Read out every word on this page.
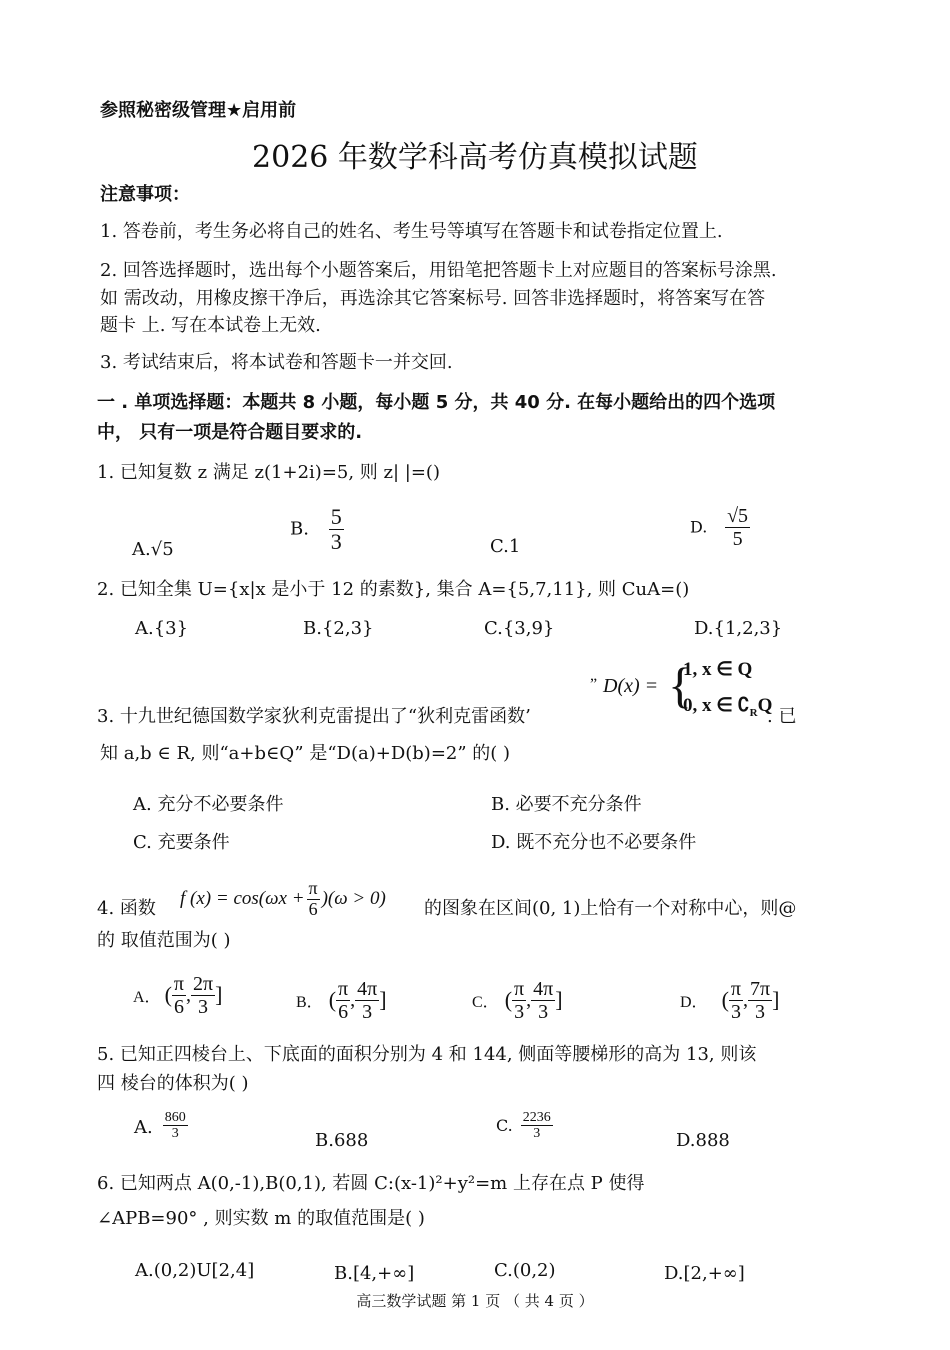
参照秘密级管理★启用前
2026 年数学科高考仿真模拟试题
注意事项：
1. 答卷前，考生务必将自己的姓名、考生号等填写在答题卡和试卷指定位置上.
2. 回答选择题时，选出每个小题答案后，用铅笔把答题卡上对应题目的答案标号涂黑.
如 需改动，用橡皮擦干净后，再选涂其它答案标号. 回答非选择题时，将答案写在答
题卡 上. 写在本试卷上无效.
3. 考试结束后，将本试卷和答题卡一并交回.
一 . 单项选择题：本题共 8 小题，每小题 5 分，共 40 分. 在每小题给出的四个选项
中， 只有一项是符合题目要求的.
1. 已知复数 z 满足 z(1+2i)=5, 则 z| |=()
A.√5
B. $\frac{5}{3}$	C.1
D. $\frac{√5}{5}$
2. 已知全集 U={x|x 是小于 12 的素数}, 集合 A={5,7,11}, 则 CuA=()
A.{3}	B.{2,3}	C.{3,9}	D.{1,2,3}
3. 十九世纪德国数学家狄利克雷提出了“狄利克雷函数’
” D(x) = {
1, x ∈ Q
0, x ∈ $∁_RQ$
. 已
知 a,b ∈ R, 则“a+b∈Q” 是“D(a)+D(b)=2” 的( )
A. 充分不必要条件	B. 必要不充分条件
C. 充要条件	D. 既不充分也不必要条件
4. 函数 f $(x) = \cos(\omega x + \frac{\pi}{6} )(\omega > 0)$ 的图象在区间(0, 1)上恰有一个对称中心，则@
的 取值范围为( )
A． ( $\frac{\pi}{6}$ , $\frac{2\pi}{3}$ ]	B． ( $\frac{\pi}{6}$ , $\frac{4\pi}{3}$ ]	C． ( $\frac{\pi}{3}$ , $\frac{4\pi}{3}$ ]	D． ( $\frac{\pi}{3}$ , $\frac{7\pi}{3}$ ]
5. 已知正四棱台上、下底面的面积分别为 4 和 144, 侧面等腰梯形的高为 13, 则该
四 棱台的体积为( )
A. $\frac{860}{3}$	B.688
C. $\frac{2236}{3}$	D.888
6. 已知两点 A(0,-1),B(0,1), 若圆 C:(x-1)²+y²=m 上存在点 P 使得
∠APB=90° , 则实数 m 的取值范围是( )
A.(0,2)U[2,4]	B.[4,+∞]	C.(0,2)	D.[2,+∞]
高三数学试题 第 1 页 （ 共 4 页 ）
